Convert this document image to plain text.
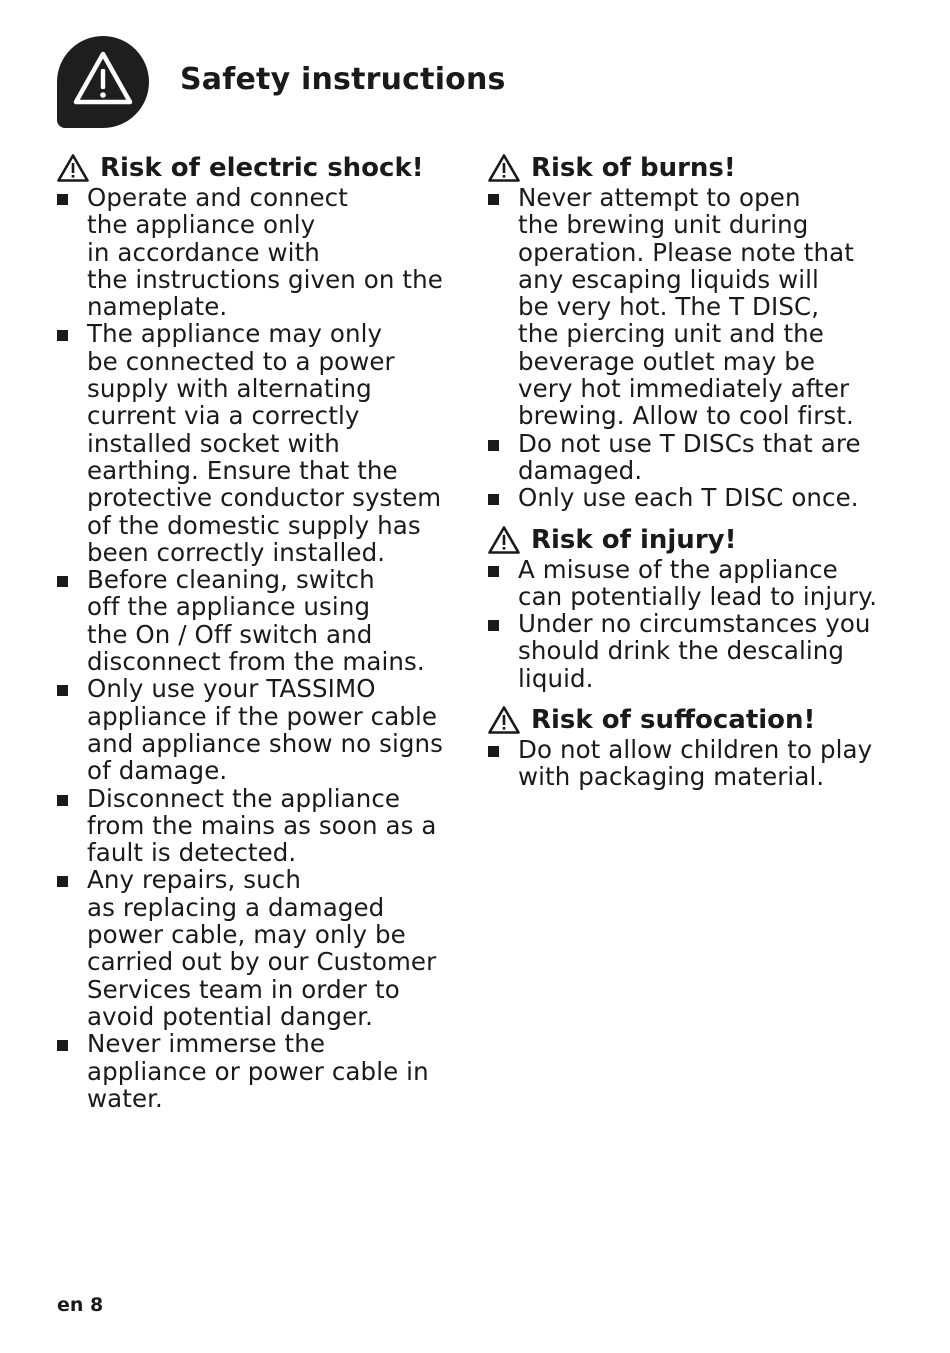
Safety instructions
Risk of electric shock!
Operate and connect
the appliance only
in accordance with
the instructions given on the
nameplate.
The appliance may only
be connected to a power
supply with alternating
current via a correctly
installed socket with
earthing. Ensure that the
protective conductor system
of the domestic supply has
been correctly installed.
Before cleaning, switch
off the appliance using
the On / Off switch and
disconnect from the mains.
Only use your TASSIMO
appliance if the power cable
and appliance show no signs
of damage.
Disconnect the appliance
from the mains as soon as a
fault is detected.
Any repairs, such
as replacing a damaged
power cable, may only be
carried out by our Customer
Services team in order to
avoid potential danger.
Never immerse the
appliance or power cable in
water.
Risk of burns!
Never attempt to open
the brewing unit during
operation. Please note that
any escaping liquids will
be very hot. The T DISC,
the piercing unit and the
beverage outlet may be
very hot immediately after
brewing. Allow to cool first.
Do not use T DISCs that are
damaged.
Only use each T DISC once.
Risk of injury!
A misuse of the appliance
can potentially lead to injury.
Under no circumstances you
should drink the descaling
liquid.
Risk of suffocation!
Do not allow children to play
with packaging material.
en 8
